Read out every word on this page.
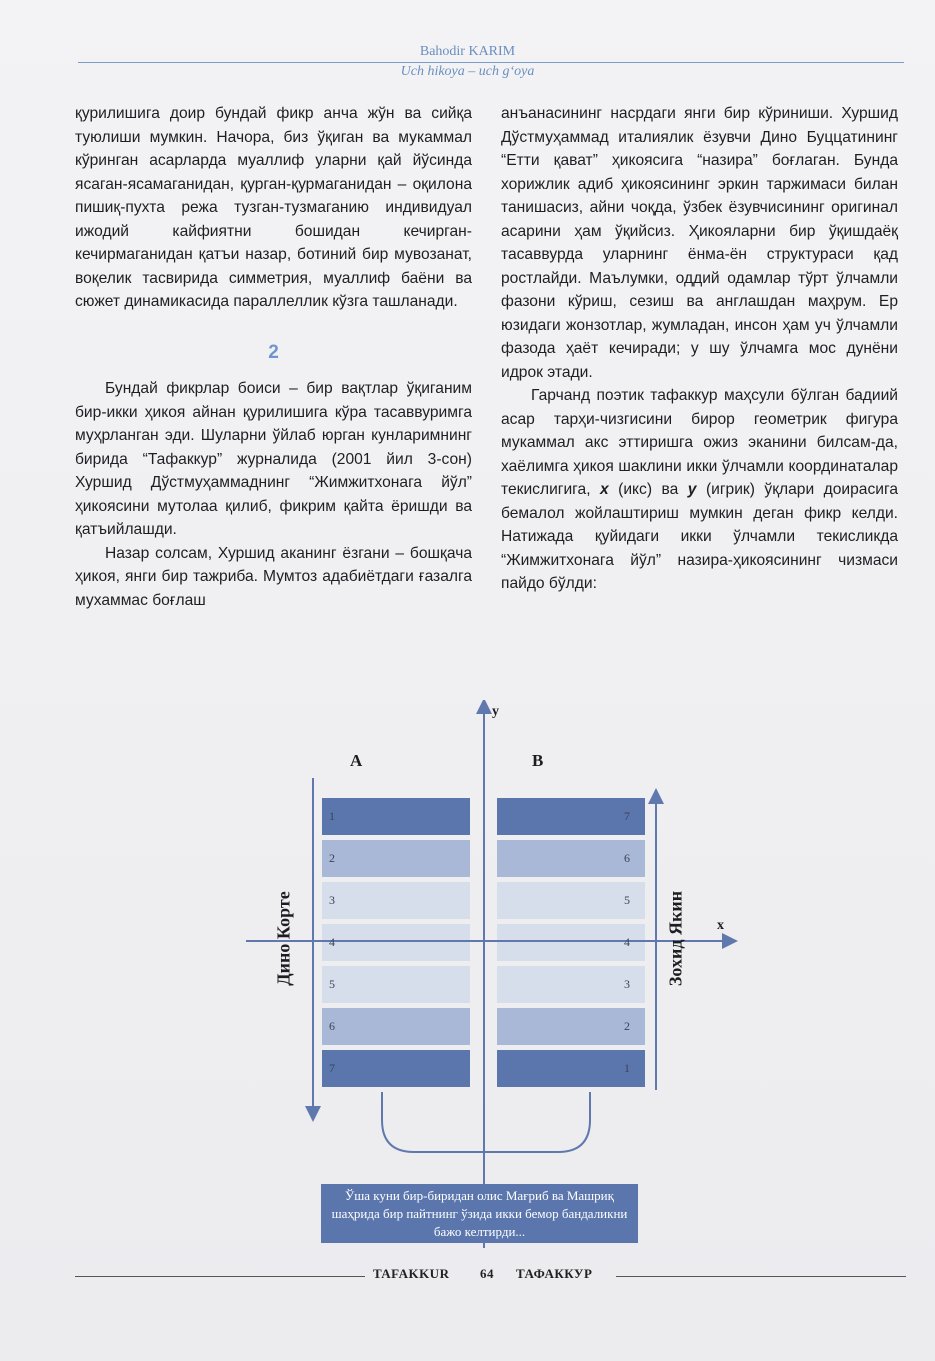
Bahodir KARIM
Uch hikoya – uch g‘oya

қурилишига доир бундай фикр анча жўн ва сийқа туюлиши мумкин. Начора, биз ўқиган ва мукаммал кўринган асарларда муаллиф уларни қай йўсинда ясаган-ясамаганидан, қурган-қурмаганидан – оқилона пишиқ-пухта режа тузган-тузмаганию индивидуал ижодий кайфиятни бошидан кечирган-кечирмаганидан қатъи назар, ботиний бир мувозанат, воқелик тасвирида симметрия, муаллиф баёни ва сюжет динамикасида параллеллик кўзга ташланади.

2

Бундай фикрлар боиси – бир вақтлар ўқиганим бир-икки ҳикоя айнан қурилишига кўра тасаввуримга муҳрланган эди. Шуларни ўйлаб юрган кунларимнинг бирида “Тафаккур” журналида (2001 йил 3-сон) Хуршид Дўстмуҳаммаднинг “Жимжитхонага йўл” ҳикоясини мутолаа қилиб, фикрим қайта ёришди ва қатъийлашди.

Назар солсам, Хуршид аканинг ёзгани – бошқача ҳикоя, янги бир тажриба. Мумтоз адабиётдаги ғазалга мухаммас боғлаш

анъанасининг насрдаги янги бир кўриниши. Хуршид Дўстмуҳаммад италиялик ёзувчи Дино Буццатининг “Етти қават” ҳикоясига “назира” боғлаган. Бунда хорижлик адиб ҳикоясининг эркин таржимаси билан танишасиз, айни чоқда, ўзбек ёзувчисининг оригинал асарини ҳам ўқийсиз. Ҳикояларни бир ўқишдаёқ тасаввурда уларнинг ёнма-ён структураси қад ростлайди. Маълумки, оддий одамлар тўрт ўлчамли фазони кўриш, сезиш ва англашдан маҳрум. Ер юзидаги жонзотлар, жумладан, инсон ҳам уч ўлчамли фазода ҳаёт кечиради; у шу ўлчамга мос дунёни идрок этади.

Гарчанд поэтик тафаккур маҳсули бўлган бадиий асар тарҳи-чизгисини бирор геометрик фигура мукаммал акс эттиришга ожиз эканини билсам-да, хаёлимга ҳикоя шаклини икки ўлчамли координаталар текислигига, x (икс) ва y (игрик) ўқлари доирасига бемалол жойлаштириш мумкин деган фикр келди. Натижада қуйидаги икки ўлчамли текисликда “Жимжитхонага йўл” назира-ҳикоясининг чизмаси пайдо бўлди:

A	B
y
x
Дино Корте	Зохид Якин
1
2
3
4
5
6
7
7
6
5
4
3
2
1
Ўша куни бир-биридан олис Мағриб ва Машриқ шаҳрида бир пайтнинг ўзида икки бемор бандаликни бажо келтирди...
TAFAKKUR 64 ТАФАККУР
